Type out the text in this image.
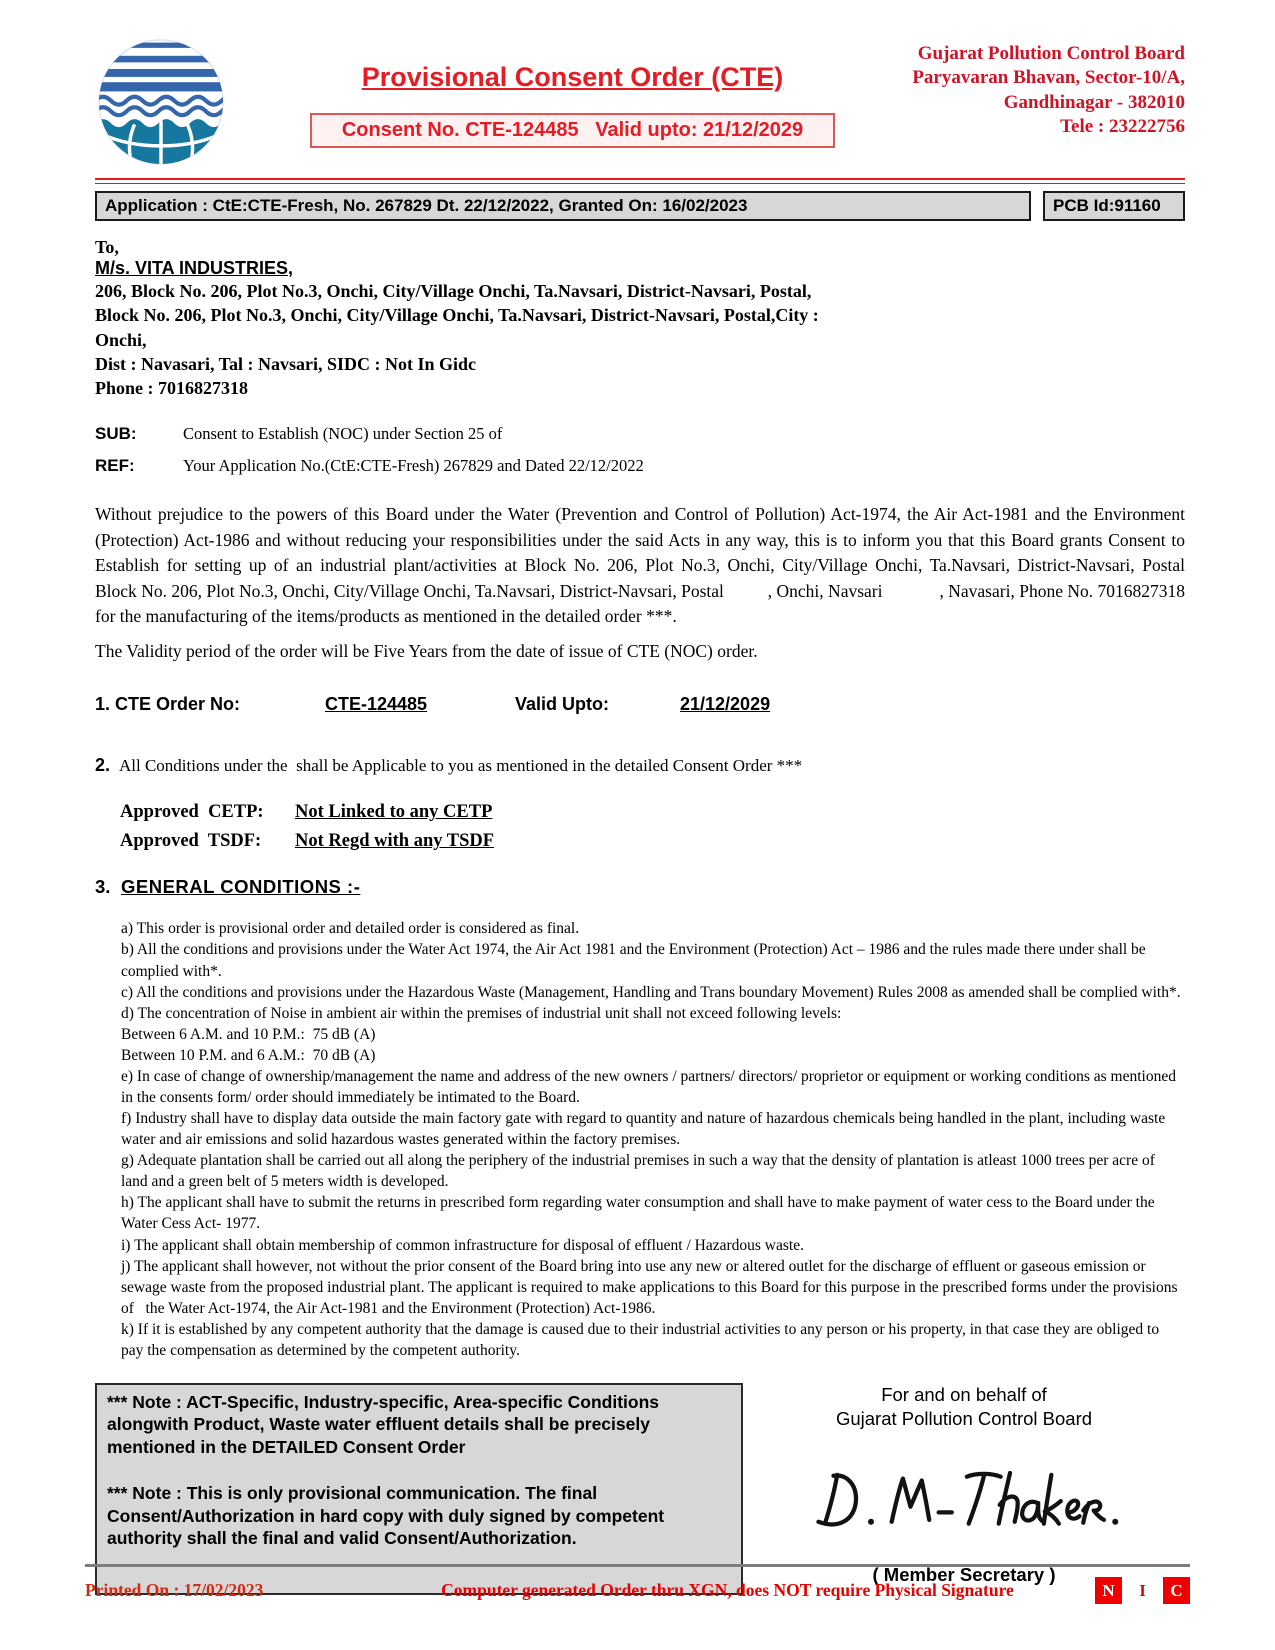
Provisional Consent Order (CTE)
Consent No. CTE-124485   Valid upto: 21/12/2029
Gujarat Pollution Control Board
Paryavaran Bhavan, Sector-10/A,
Gandhinagar - 382010
Tele : 23222756
Application : CtE:CTE-Fresh, No. 267829 Dt. 22/12/2022, Granted On: 16/02/2023	PCB Id:91160
To,
M/s. VITA INDUSTRIES,
206, Block No. 206, Plot No.3, Onchi, City/Village Onchi, Ta.Navsari, District-Navsari, Postal,
Block No. 206, Plot No.3, Onchi, City/Village Onchi, Ta.Navsari, District-Navsari, Postal,City :
Onchi,
Dist : Navasari, Tal : Navsari, SIDC : Not In Gidc
Phone : 7016827318
SUB:	Consent to Establish (NOC) under Section 25 of
REF:	Your Application No.(CtE:CTE-Fresh) 267829 and Dated 22/12/2022

Without prejudice to the powers of this Board under the Water (Prevention and Control of Pollution) Act-1974, the Air Act-1981 and the Environment (Protection) Act-1986 and without reducing your responsibilities under the said Acts in any way, this is to inform you that this Board grants Consent to Establish for setting up of an industrial plant/activities at Block No. 206, Plot No.3, Onchi, City/Village Onchi, Ta.Navsari, District-Navsari, Postal          Block No. 206, Plot No.3, Onchi, City/Village Onchi, Ta.Navsari, District-Navsari, Postal          , Onchi, Navsari             , Navasari, Phone No. 7016827318 for the manufacturing of the items/products as mentioned in the detailed order ***.

The Validity period of the order will be Five Years from the date of issue of CTE (NOC) order.

1. CTE Order No:	CTE-124485	Valid Upto:	21/12/2029
2. All Conditions under the  shall be Applicable to you as mentioned in the detailed Consent Order ***
Approved  CETP:	Not Linked to any CETP
Approved  TSDF:	Not Regd with any TSDF
3. GENERAL CONDITIONS :-
a) This order is provisional order and detailed order is considered as final.
b) All the conditions and provisions under the Water Act 1974, the Air Act 1981 and the Environment (Protection) Act – 1986 and the rules made there under shall be complied with*.
c) All the conditions and provisions under the Hazardous Waste (Management, Handling and Trans boundary Movement) Rules 2008 as amended shall be complied with*.
d) The concentration of Noise in ambient air within the premises of industrial unit shall not exceed following levels:
Between 6 A.M. and 10 P.M.:  75 dB (A)
Between 10 P.M. and 6 A.M.:  70 dB (A)
e) In case of change of ownership/management the name and address of the new owners / partners/ directors/ proprietor or equipment or working conditions as mentioned in the consents form/ order should immediately be intimated to the Board.
f) Industry shall have to display data outside the main factory gate with regard to quantity and nature of hazardous chemicals being handled in the plant, including waste water and air emissions and solid hazardous wastes generated within the factory premises.
g) Adequate plantation shall be carried out all along the periphery of the industrial premises in such a way that the density of plantation is atleast 1000 trees per acre of land and a green belt of 5 meters width is developed.
h) The applicant shall have to submit the returns in prescribed form regarding water consumption and shall have to make payment of water cess to the Board under the Water Cess Act- 1977.
i) The applicant shall obtain membership of common infrastructure for disposal of effluent / Hazardous waste.
j) The applicant shall however, not without the prior consent of the Board bring into use any new or altered outlet for the discharge of effluent or gaseous emission or sewage waste from the proposed industrial plant. The applicant is required to make applications to this Board for this purpose in the prescribed forms under the provisions of   the Water Act-1974, the Air Act-1981 and the Environment (Protection) Act-1986.
k) If it is established by any competent authority that the damage is caused due to their industrial activities to any person or his property, in that case they are obliged to pay the compensation as determined by the competent authority.

*** Note : ACT-Specific, Industry-specific, Area-specific Conditions alongwith Product, Waste water effluent details shall be precisely mentioned in the DETAILED Consent Order

*** Note : This is only provisional communication. The final Consent/Authorization in hard copy with duly signed by competent authority shall the final and valid Consent/Authorization.

For and on behalf of
Gujarat Pollution Control Board
( Member Secretary )
Printed On : 17/02/2023	Computer generated Order thru XGN, does NOT require Physical Signature	N	I	C
